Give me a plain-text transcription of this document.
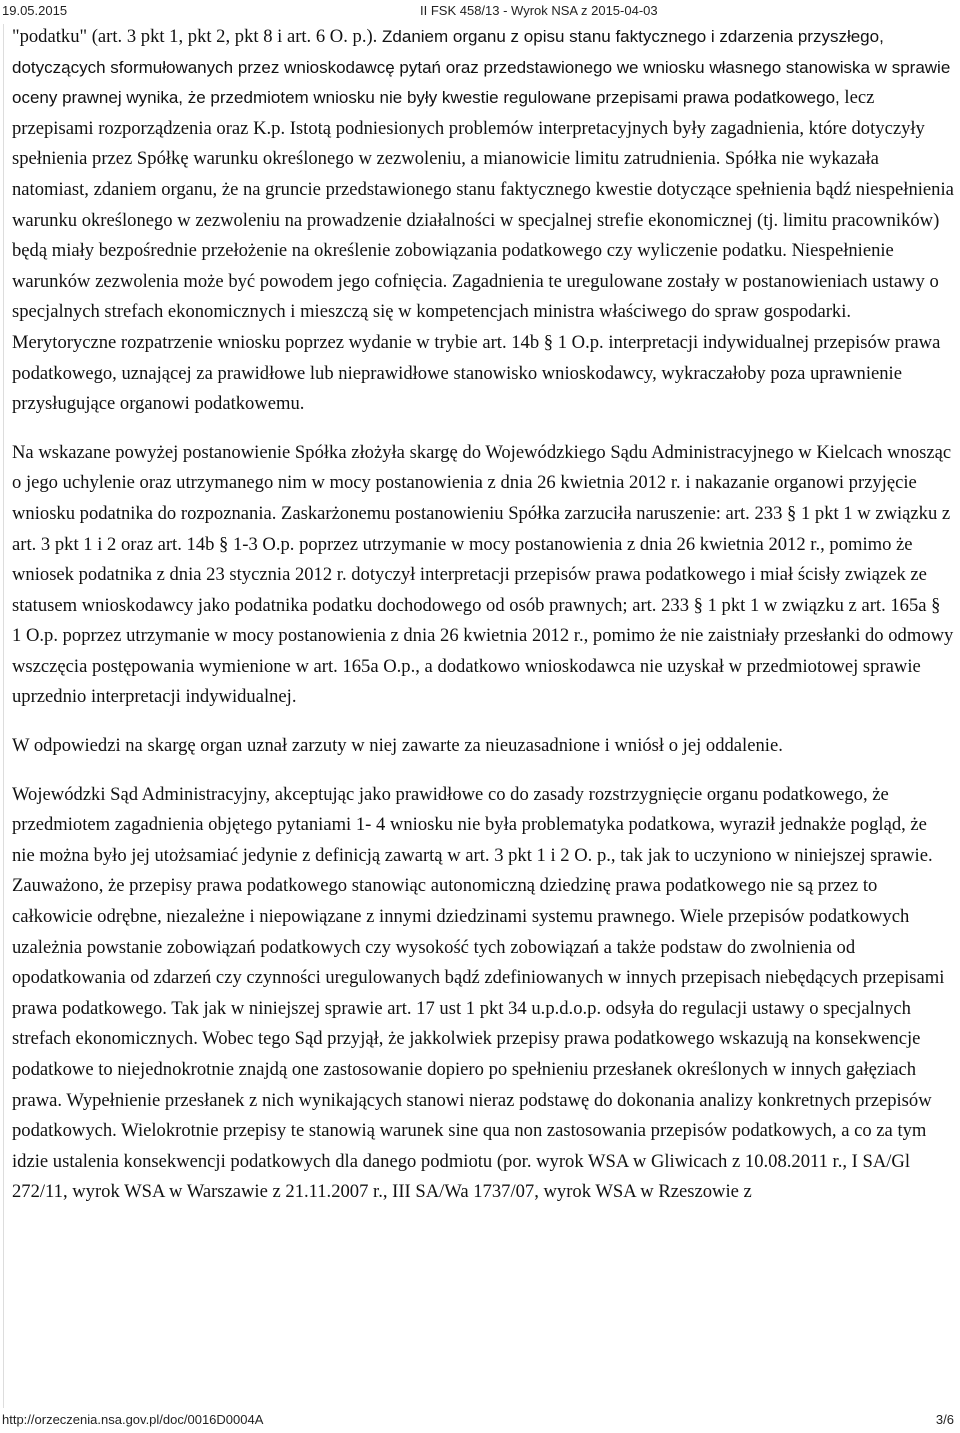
19.05.2015	II FSK 458/13 - Wyrok NSA z 2015-04-03

"podatku" (art. 3 pkt 1, pkt 2, pkt 8 i art. 6 O. p.). Zdaniem organu z opisu stanu faktycznego i zdarzenia przyszłego, dotyczących sformułowanych przez wnioskodawcę pytań oraz przedstawionego we wniosku własnego stanowiska w sprawie oceny prawnej wynika, że przedmiotem wniosku nie były kwestie regulowane przepisami prawa podatkowego, lecz przepisami rozporządzenia oraz K.p. Istotą podniesionych problemów interpretacyjnych były zagadnienia, które dotyczyły spełnienia przez Spółkę warunku określonego w zezwoleniu, a mianowicie limitu zatrudnienia. Spółka nie wykazała natomiast, zdaniem organu, że na gruncie przedstawionego stanu faktycznego kwestie dotyczące spełnienia bądź niespełnienia warunku określonego w zezwoleniu na prowadzenie działalności w specjalnej strefie ekonomicznej (tj. limitu pracowników) będą miały bezpośrednie przełożenie na określenie zobowiązania podatkowego czy wyliczenie podatku. Niespełnienie warunków zezwolenia może być powodem jego cofnięcia. Zagadnienia te uregulowane zostały w postanowieniach ustawy o specjalnych strefach ekonomicznych i mieszczą się w kompetencjach ministra właściwego do spraw gospodarki. Merytoryczne rozpatrzenie wniosku poprzez wydanie w trybie art. 14b § 1 O.p. interpretacji indywidualnej przepisów prawa podatkowego, uznającej za prawidłowe lub nieprawidłowe stanowisko wnioskodawcy, wykraczałoby poza uprawnienie przysługujące organowi podatkowemu.

Na wskazane powyżej postanowienie Spółka złożyła skargę do Wojewódzkiego Sądu Administracyjnego w Kielcach wnosząc o jego uchylenie oraz utrzymanego nim w mocy postanowienia z dnia 26 kwietnia 2012 r. i nakazanie organowi przyjęcie wniosku podatnika do rozpoznania. Zaskarżonemu postanowieniu Spółka zarzuciła naruszenie: art. 233 § 1 pkt 1 w związku z art. 3 pkt 1 i 2 oraz art. 14b § 1-3 O.p. poprzez utrzymanie w mocy postanowienia z dnia 26 kwietnia 2012 r., pomimo że wniosek podatnika z dnia 23 stycznia 2012 r. dotyczył interpretacji przepisów prawa podatkowego i miał ścisły związek ze statusem wnioskodawcy jako podatnika podatku dochodowego od osób prawnych; art. 233 § 1 pkt 1 w związku z art. 165a § 1 O.p. poprzez utrzymanie w mocy postanowienia z dnia 26 kwietnia 2012 r., pomimo że nie zaistniały przesłanki do odmowy wszczęcia postępowania wymienione w art. 165a O.p., a dodatkowo wnioskodawca nie uzyskał w przedmiotowej sprawie uprzednio interpretacji indywidualnej.

W odpowiedzi na skargę organ uznał zarzuty w niej zawarte za nieuzasadnione i wniósł o jej oddalenie.

Wojewódzki Sąd Administracyjny, akceptując jako prawidłowe co do zasady rozstrzygnięcie organu podatkowego, że przedmiotem zagadnienia objętego pytaniami 1- 4 wniosku nie była problematyka podatkowa, wyraził jednakże pogląd, że nie można było jej utożsamiać jedynie z definicją zawartą w art. 3 pkt 1 i 2 O. p., tak jak to uczyniono w niniejszej sprawie. Zauważono, że przepisy prawa podatkowego stanowiąc autonomiczną dziedzinę prawa podatkowego nie są przez to całkowicie odrębne, niezależne i niepowiązane z innymi dziedzinami systemu prawnego. Wiele przepisów podatkowych uzależnia powstanie zobowiązań podatkowych czy wysokość tych zobowiązań a także podstaw do zwolnienia od opodatkowania od zdarzeń czy czynności uregulowanych bądź zdefiniowanych w innych przepisach niebędących przepisami prawa podatkowego. Tak jak w niniejszej sprawie art. 17 ust 1 pkt 34 u.p.d.o.p. odsyła do regulacji ustawy o specjalnych strefach ekonomicznych. Wobec tego Sąd przyjął, że jakkolwiek przepisy prawa podatkowego wskazują na konsekwencje podatkowe to niejednokrotnie znajdą one zastosowanie dopiero po spełnieniu przesłanek określonych w innych gałęziach prawa. Wypełnienie przesłanek z nich wynikających stanowi nieraz podstawę do dokonania analizy konkretnych przepisów podatkowych. Wielokrotnie przepisy te stanowią warunek sine qua non zastosowania przepisów podatkowych, a co za tym idzie ustalenia konsekwencji podatkowych dla danego podmiotu (por. wyrok WSA w Gliwicach z 10.08.2011 r., I SA/Gl 272/11, wyrok WSA w Warszawie z 21.11.2007 r., III SA/Wa 1737/07, wyrok WSA w Rzeszowie z

http://orzeczenia.nsa.gov.pl/doc/0016D0004A	3/6
